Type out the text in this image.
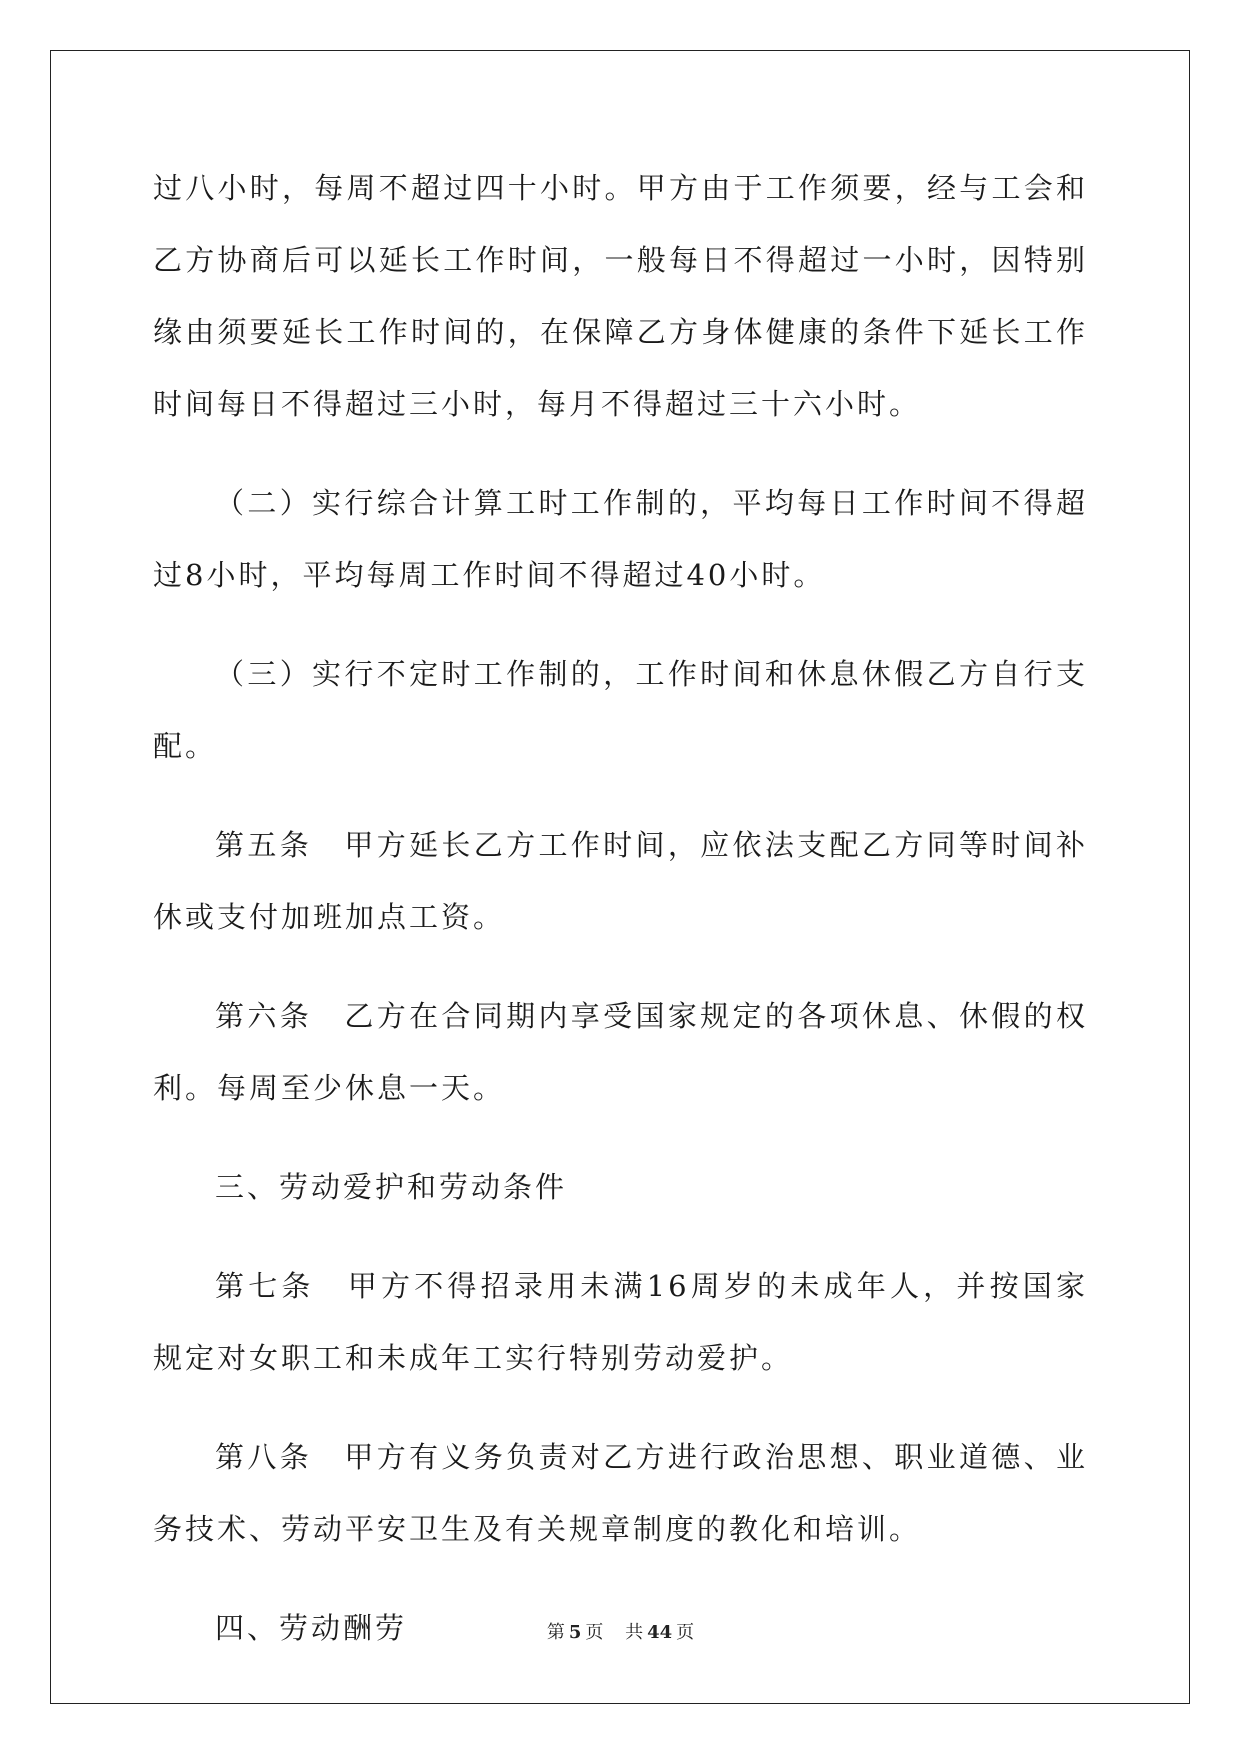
过八小时，每周不超过四十小时。甲方由于工作须要，经与工会和乙方协商后可以延长工作时间，一般每日不得超过一小时，因特别缘由须要延长工作时间的，在保障乙方身体健康的条件下延长工作时间每日不得超过三小时，每月不得超过三十六小时。

（二）实行综合计算工时工作制的，平均每日工作时间不得超过8小时，平均每周工作时间不得超过40小时。

（三）实行不定时工作制的，工作时间和休息休假乙方自行支配。

第五条　甲方延长乙方工作时间，应依法支配乙方同等时间补休或支付加班加点工资。

第六条　乙方在合同期内享受国家规定的各项休息、休假的权利。每周至少休息一天。

三、劳动爱护和劳动条件

第七条　甲方不得招录用未满16周岁的未成年人，并按国家规定对女职工和未成年工实行特别劳动爱护。

第八条　甲方有义务负责对乙方进行政治思想、职业道德、业务技术、劳动平安卫生及有关规章制度的教化和培训。

四、劳动酬劳	第 5 页 共 44 页
